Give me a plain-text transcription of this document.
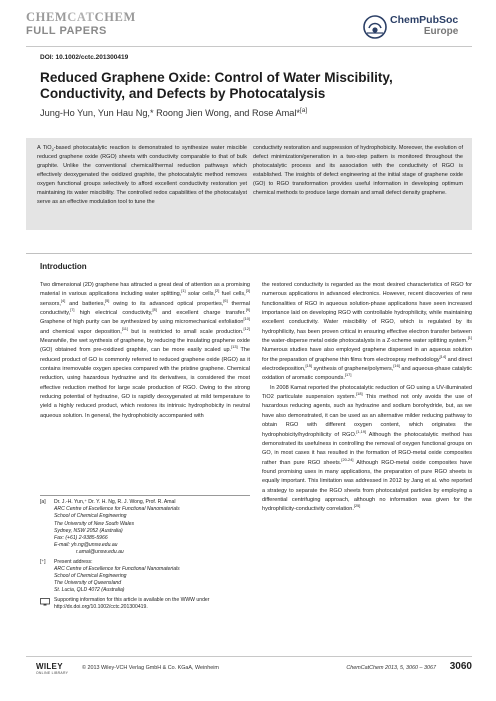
CHEMCATCHEM
FULL PAPERS
ChemPubSoc
Europe
DOI: 10.1002/cctc.201300419
Reduced Graphene Oxide: Control of Water Miscibility, Conductivity, and Defects by Photocatalysis
Jung-Ho Yun, Yun Hau Ng,* Roong Jien Wong, and Rose Amal*[a]
A TiO$_2$-based photocatalytic reaction is demonstrated to synthesize water miscible reduced graphene oxide (RGO) sheets with conductivity comparable to that of bulk graphite. Unlike the conventional chemical/thermal reduction pathways which effectively deoxygenated the oxidized graphite, the photocatalytic method removes oxygen functional groups selectively to afford excellent conductivity restoration yet maintaining its water miscibility. The controlled redox capabilities of the photocatalyst serve as an effective modulation tool to tune the
conductivity restoration and suppression of hydrophobicity. Moreover, the evolution of defect minimization/generation in a two-step pattern is monitored throughout the photocatalytic process and its association with the conductivity of RGO is established. The insights of defect engineering at the initial stage of graphene oxide (GO) to RGO transformation provides useful information in developing optimum chemical methods to produce large domain and small defect density graphene.
Introduction

Two dimensional (2D) graphene has attracted a great deal of attention as a promising material in various applications including water splitting,[1] solar cells,[2] fuel cells,[3] sensors,[4] and batteries,[5] owing to its advanced optical properties,[6] thermal conductivity,[7] high electrical conductivity,[8] and excellent charge transfer.[9] Graphene of high purity can be synthesized by using micromechanical exfoliation[10] and chemical vapor deposition,[11] but is restricted to small scale production.[12] Meanwhile, the wet synthesis of graphene, by reducing the insulating graphene oxide (GO) obtained from pre-oxidized graphite, can be more easily scaled up.[13] The reduced product of GO is commonly referred to reduced graphene oxide (RGO) as it contains irremovable oxygen species compared with the pristine graphene. Chemical reduction, using hazardous hydrazine and its derivatives, is considered the most effective reduction method for large scale production of RGO. Owing to the strong reducing potential of hydrazine, GO is rapidly deoxygenated at mild temperature to yield a highly reduced product, which restores its intrinsic hydrophobicity in neutral aqueous solution. In general, the hydrophobicity accompanied with

the restored conductivity is regarded as the most desired characteristics of RGO for numerous applications in advanced electronics. However, recent discoveries of new functionalities of RGO in aqueous solution-phase applications have seen increased importance laid on developing RGO with controllable hydrophilicity, while maintaining excellent conductivity. Water miscibility of RGO, which is regulated by its hydrophilicity, has been proven critical in ensuring effective electron transfer between the water-disperse metal oxide photocatalysts in a Z-scheme water splitting system.[1] Numerous studies have also employed graphene dispersed in an aqueous solution for the preparation of graphene thin films from electrospray methodology[14] and direct electrodeposition,[15] synthesis of graphene/polymers,[16] and aqueous-phase catalytic oxidation of aromatic compounds.[17]

In 2008 Kamat reported the photocatalytic reduction of GO using a UV-illuminated TiO2 particulate suspension system.[18] This method not only avoids the use of hazardous reducing agents, such as hydrazine and sodium borohydride, but, as we have also demonstrated, it can be used as an alternative milder reducing pathway to obtain RGO with different oxygen content, which originates the hydrophobicity/hydrophilicity of RGO.[1,19] Although the photocatalytic method has demonstrated its usefulness in controlling the removal of oxygen functional groups on GO, in most cases it has resulted in the formation of RGO-metal oxide composites rather than pure RGO sheets.[20-24] Although RGO-metal oxide composites have found promising uses in many applications, the preparation of pure RGO sheets is equally important. This limitation was addressed in 2012 by Jang et al. who reported a strategy to separate the RGO sheets from photocatalyst particles by employing a differential centrifuging approach, although no information was given for the hydrophilicity-conductivity correlation.[25]

[a]	Dr. J.-H. Yun,⁺ Dr. Y. H. Ng, R. J. Wong, Prof. R. Amal
ARC Centre of Excellence for Functional Nanomaterials
School of Chemical Engineering
The University of New South Wales
Sydney, NSW 2052 (Australia)
Fax: (+61) 2-9385-5966
E-mail: yh.ng@unsw.edu.au
r.amal@unsw.edu.au
[⁺]	Present address:
ARC Centre of Excellence for Functional Nanomaterials
School of Chemical Engineering
The University of Queensland
St. Lucia, QLD 4072 (Australia)
Supporting information for this article is available on the WWW under http://dx.doi.org/10.1002/cctc.201300419.
WILEY
ONLINE LIBRARY
© 2013 Wiley-VCH Verlag GmbH & Co. KGaA, Weinheim	ChemCatChem 2013, 5, 3060 – 3067 3060
